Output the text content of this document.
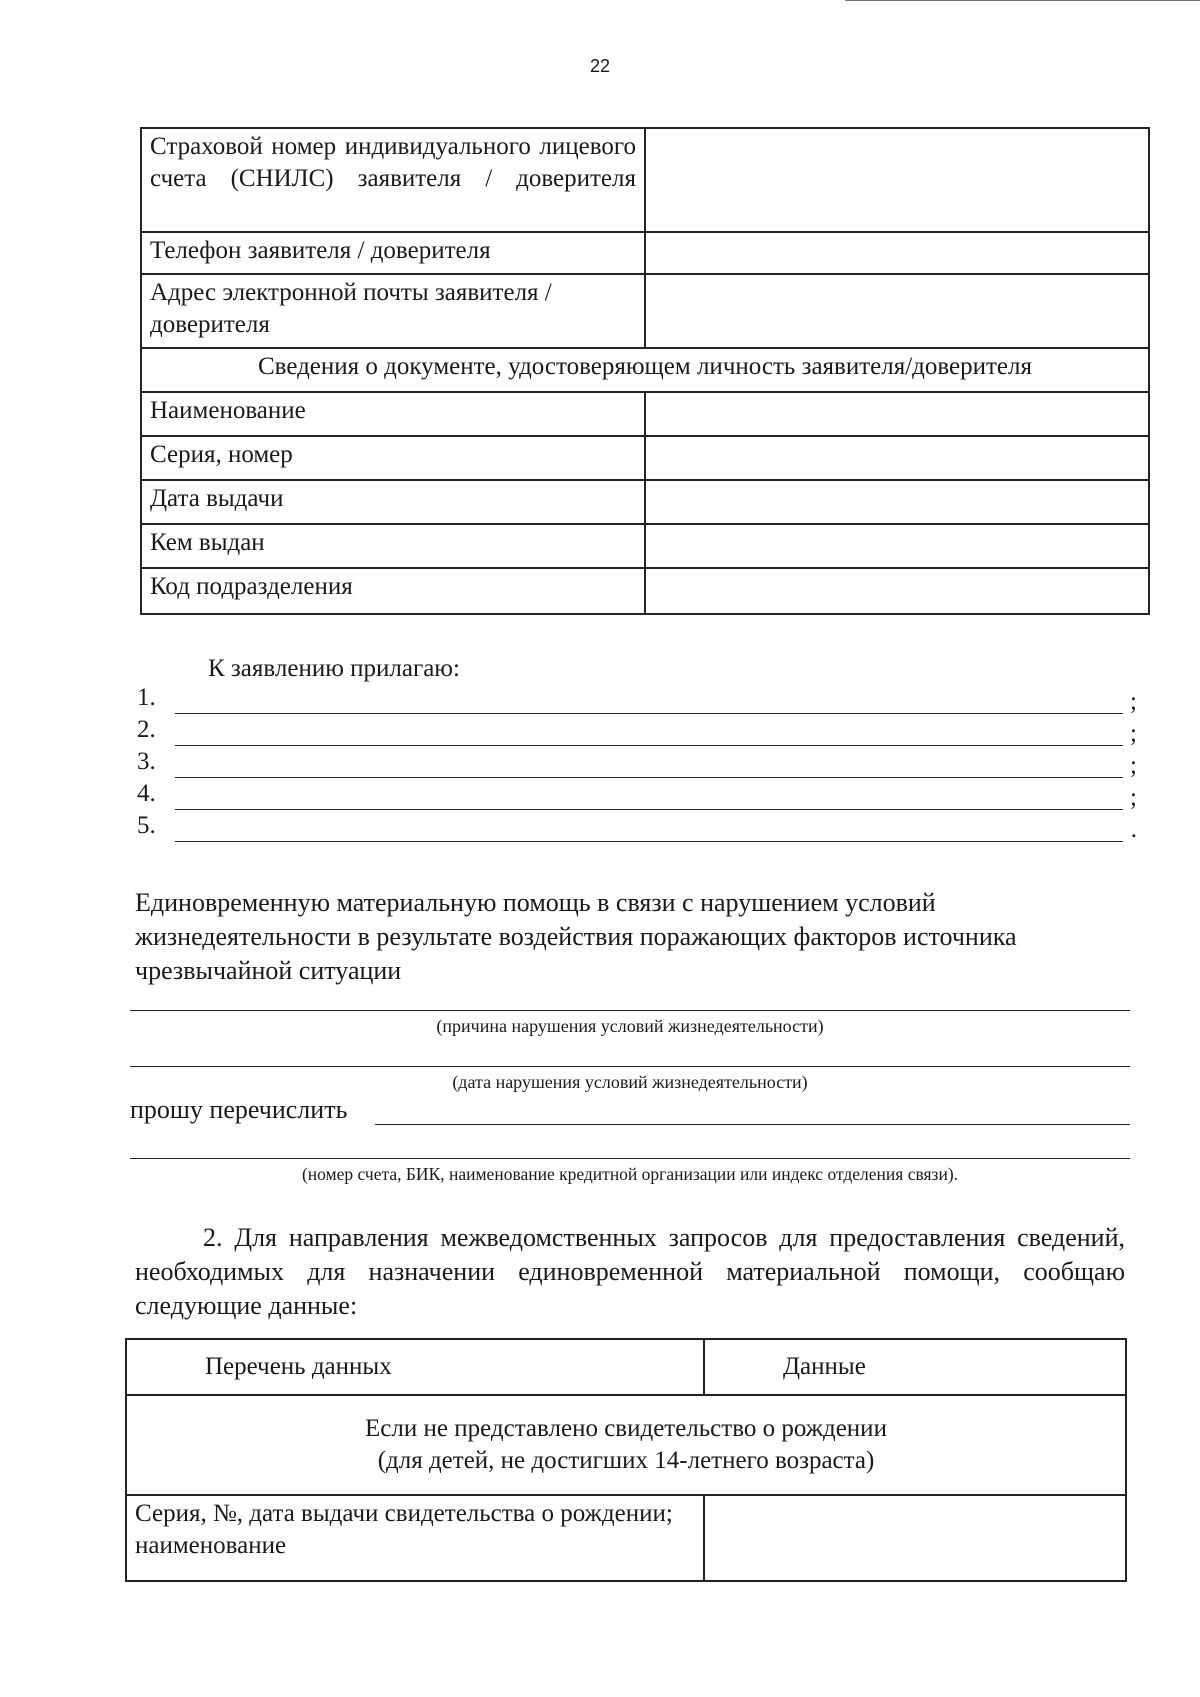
22
Страховой номер индивидуального лицевого счета (СНИЛС) заявителя / доверителя	

Телефон заявителя / доверителя	
Адрес электронной почты заявителя / доверителя	
Сведения о документе, удостоверяющем личность заявителя/доверителя	
Наименование	
Серия, номер	
Дата выдачи	
Кем выдан	
Код подразделения	
К заявлению прилагаю:
1.	;
2.	;
3.	;
4.	;
5.	.
Единовременную материальную помощь в связи с нарушением условий жизнедеятельности в результате воздействия поражающих факторов источника чрезвычайной ситуации
(причина нарушения условий жизнедеятельности)
(дата нарушения условий жизнедеятельности)
прошу перечислить
(номер счета, БИК, наименование кредитной организации или индекс отделения связи).
2. Для направления межведомственных запросов для предоставления сведений, необходимых для назначении единовременной материальной помощи, сообщаю следующие данные:
Перечень данных	Данные

Если не представлено свидетельство о рождении
(для детей, не достигших 14-летнего возраста)	

Серия, №, дата выдачи свидетельства о рождении; наименование	
